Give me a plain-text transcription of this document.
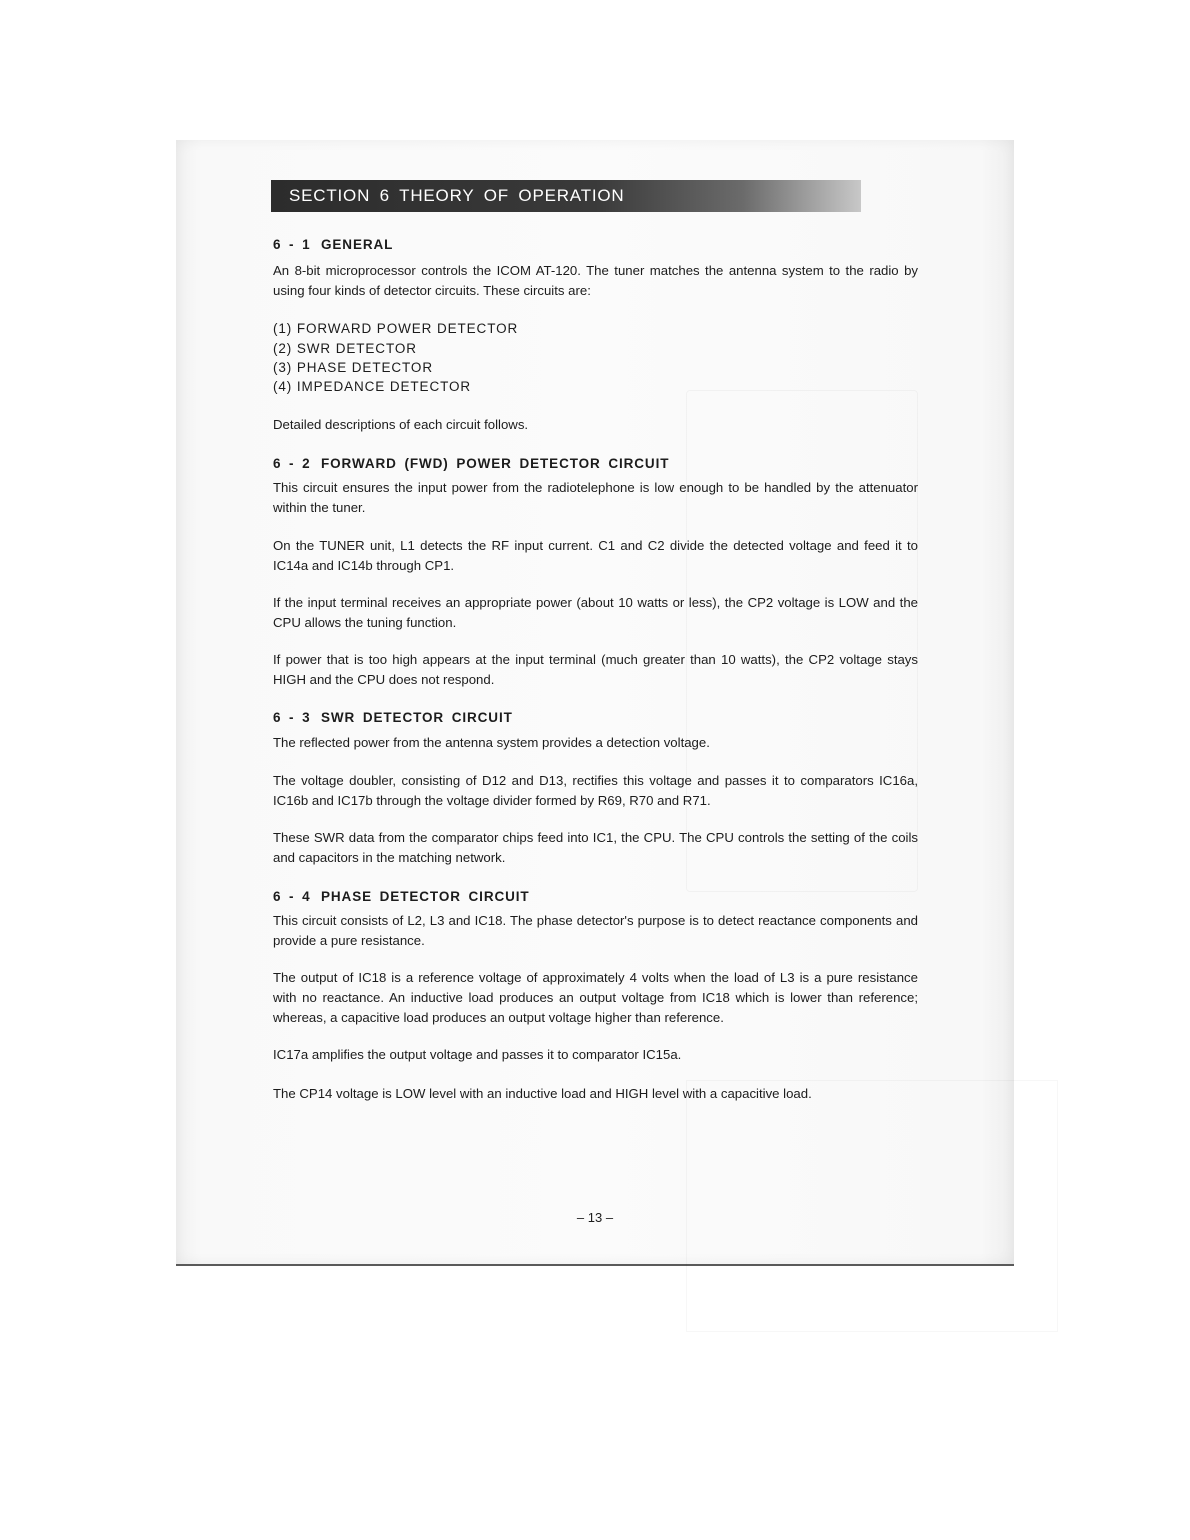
SECTION 6 THEORY OF OPERATION
6 - 1 GENERAL
An 8-bit microprocessor controls the ICOM AT-120. The tuner matches the antenna system to the radio by using four kinds of detector circuits. These circuits are:
(1) FORWARD POWER DETECTOR
(2) SWR DETECTOR
(3) PHASE DETECTOR
(4) IMPEDANCE DETECTOR
Detailed descriptions of each circuit follows.
6 - 2 FORWARD (FWD) POWER DETECTOR CIRCUIT
This circuit ensures the input power from the radiotelephone is low enough to be handled by the attenuator within the tuner.
On the TUNER unit, L1 detects the RF input current. C1 and C2 divide the detected voltage and feed it to IC14a and IC14b through CP1.
If the input terminal receives an appropriate power (about 10 watts or less), the CP2 voltage is LOW and the CPU allows the tuning function.
If power that is too high appears at the input terminal (much greater than 10 watts), the CP2 voltage stays HIGH and the CPU does not respond.
6 - 3 SWR DETECTOR CIRCUIT
The reflected power from the antenna system provides a detection voltage.
The voltage doubler, consisting of D12 and D13, rectifies this voltage and passes it to comparators IC16a, IC16b and IC17b through the voltage divider formed by R69, R70 and R71.
These SWR data from the comparator chips feed into IC1, the CPU. The CPU controls the setting of the coils and capacitors in the matching network.
6 - 4 PHASE DETECTOR CIRCUIT
This circuit consists of L2, L3 and IC18. The phase detector's purpose is to detect reactance components and provide a pure resistance.
The output of IC18 is a reference voltage of approximately 4 volts when the load of L3 is a pure resistance with no reactance. An inductive load produces an output voltage from IC18 which is lower than reference; whereas, a capacitive load produces an output voltage higher than reference.
IC17a amplifies the output voltage and passes it to comparator IC15a.
The CP14 voltage is LOW level with an inductive load and HIGH level with a capacitive load.
– 13 –
